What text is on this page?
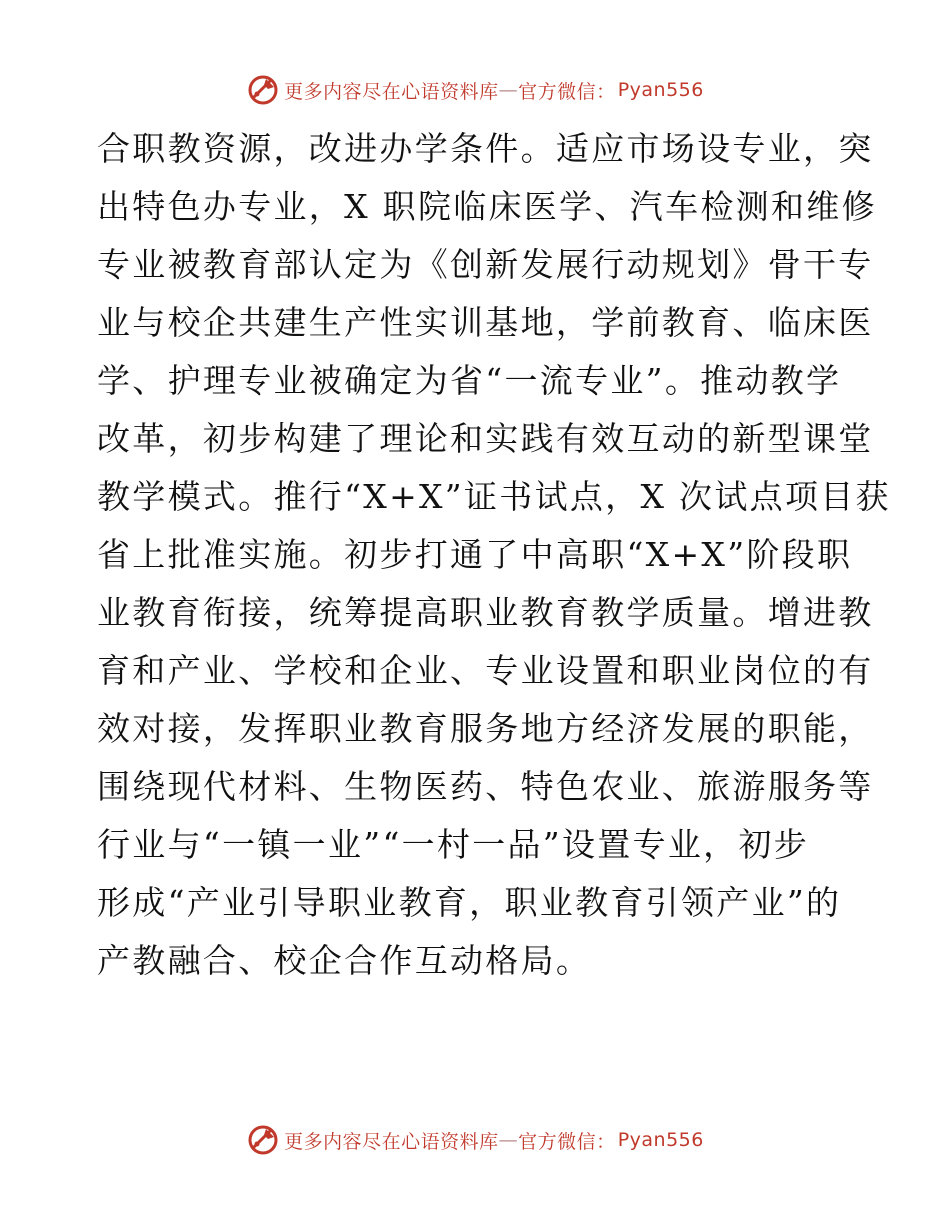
更多内容尽在心语资料库 — 官方微信： Pyan556
合职教资源，改进办学条件。适应市场设专业，突
出特色办专业，X 职院临床医学、汽车检测和维修
专业被教育部认定为《创新发展行动规划》骨干专
业与校企共建生产性实训基地，学前教育、临床医
学、护理专业被确定为省“一流专业”。推动教学
改革，初步构建了理论和实践有效互动的新型课堂
教学模式。推行“X+X”证书试点，X 次试点项目获
省上批准实施。初步打通了中高职“X+X”阶段职
业教育衔接，统筹提高职业教育教学质量。增进教
育和产业、学校和企业、专业设置和职业岗位的有
效对接，发挥职业教育服务地方经济发展的职能，
围绕现代材料、生物医药、特色农业、旅游服务等
行业与“一镇一业”“一村一品”设置专业，初步
形成“产业引导职业教育，职业教育引领产业”的
产教融合、校企合作互动格局。
更多内容尽在心语资料库 — 官方微信： Pyan556
